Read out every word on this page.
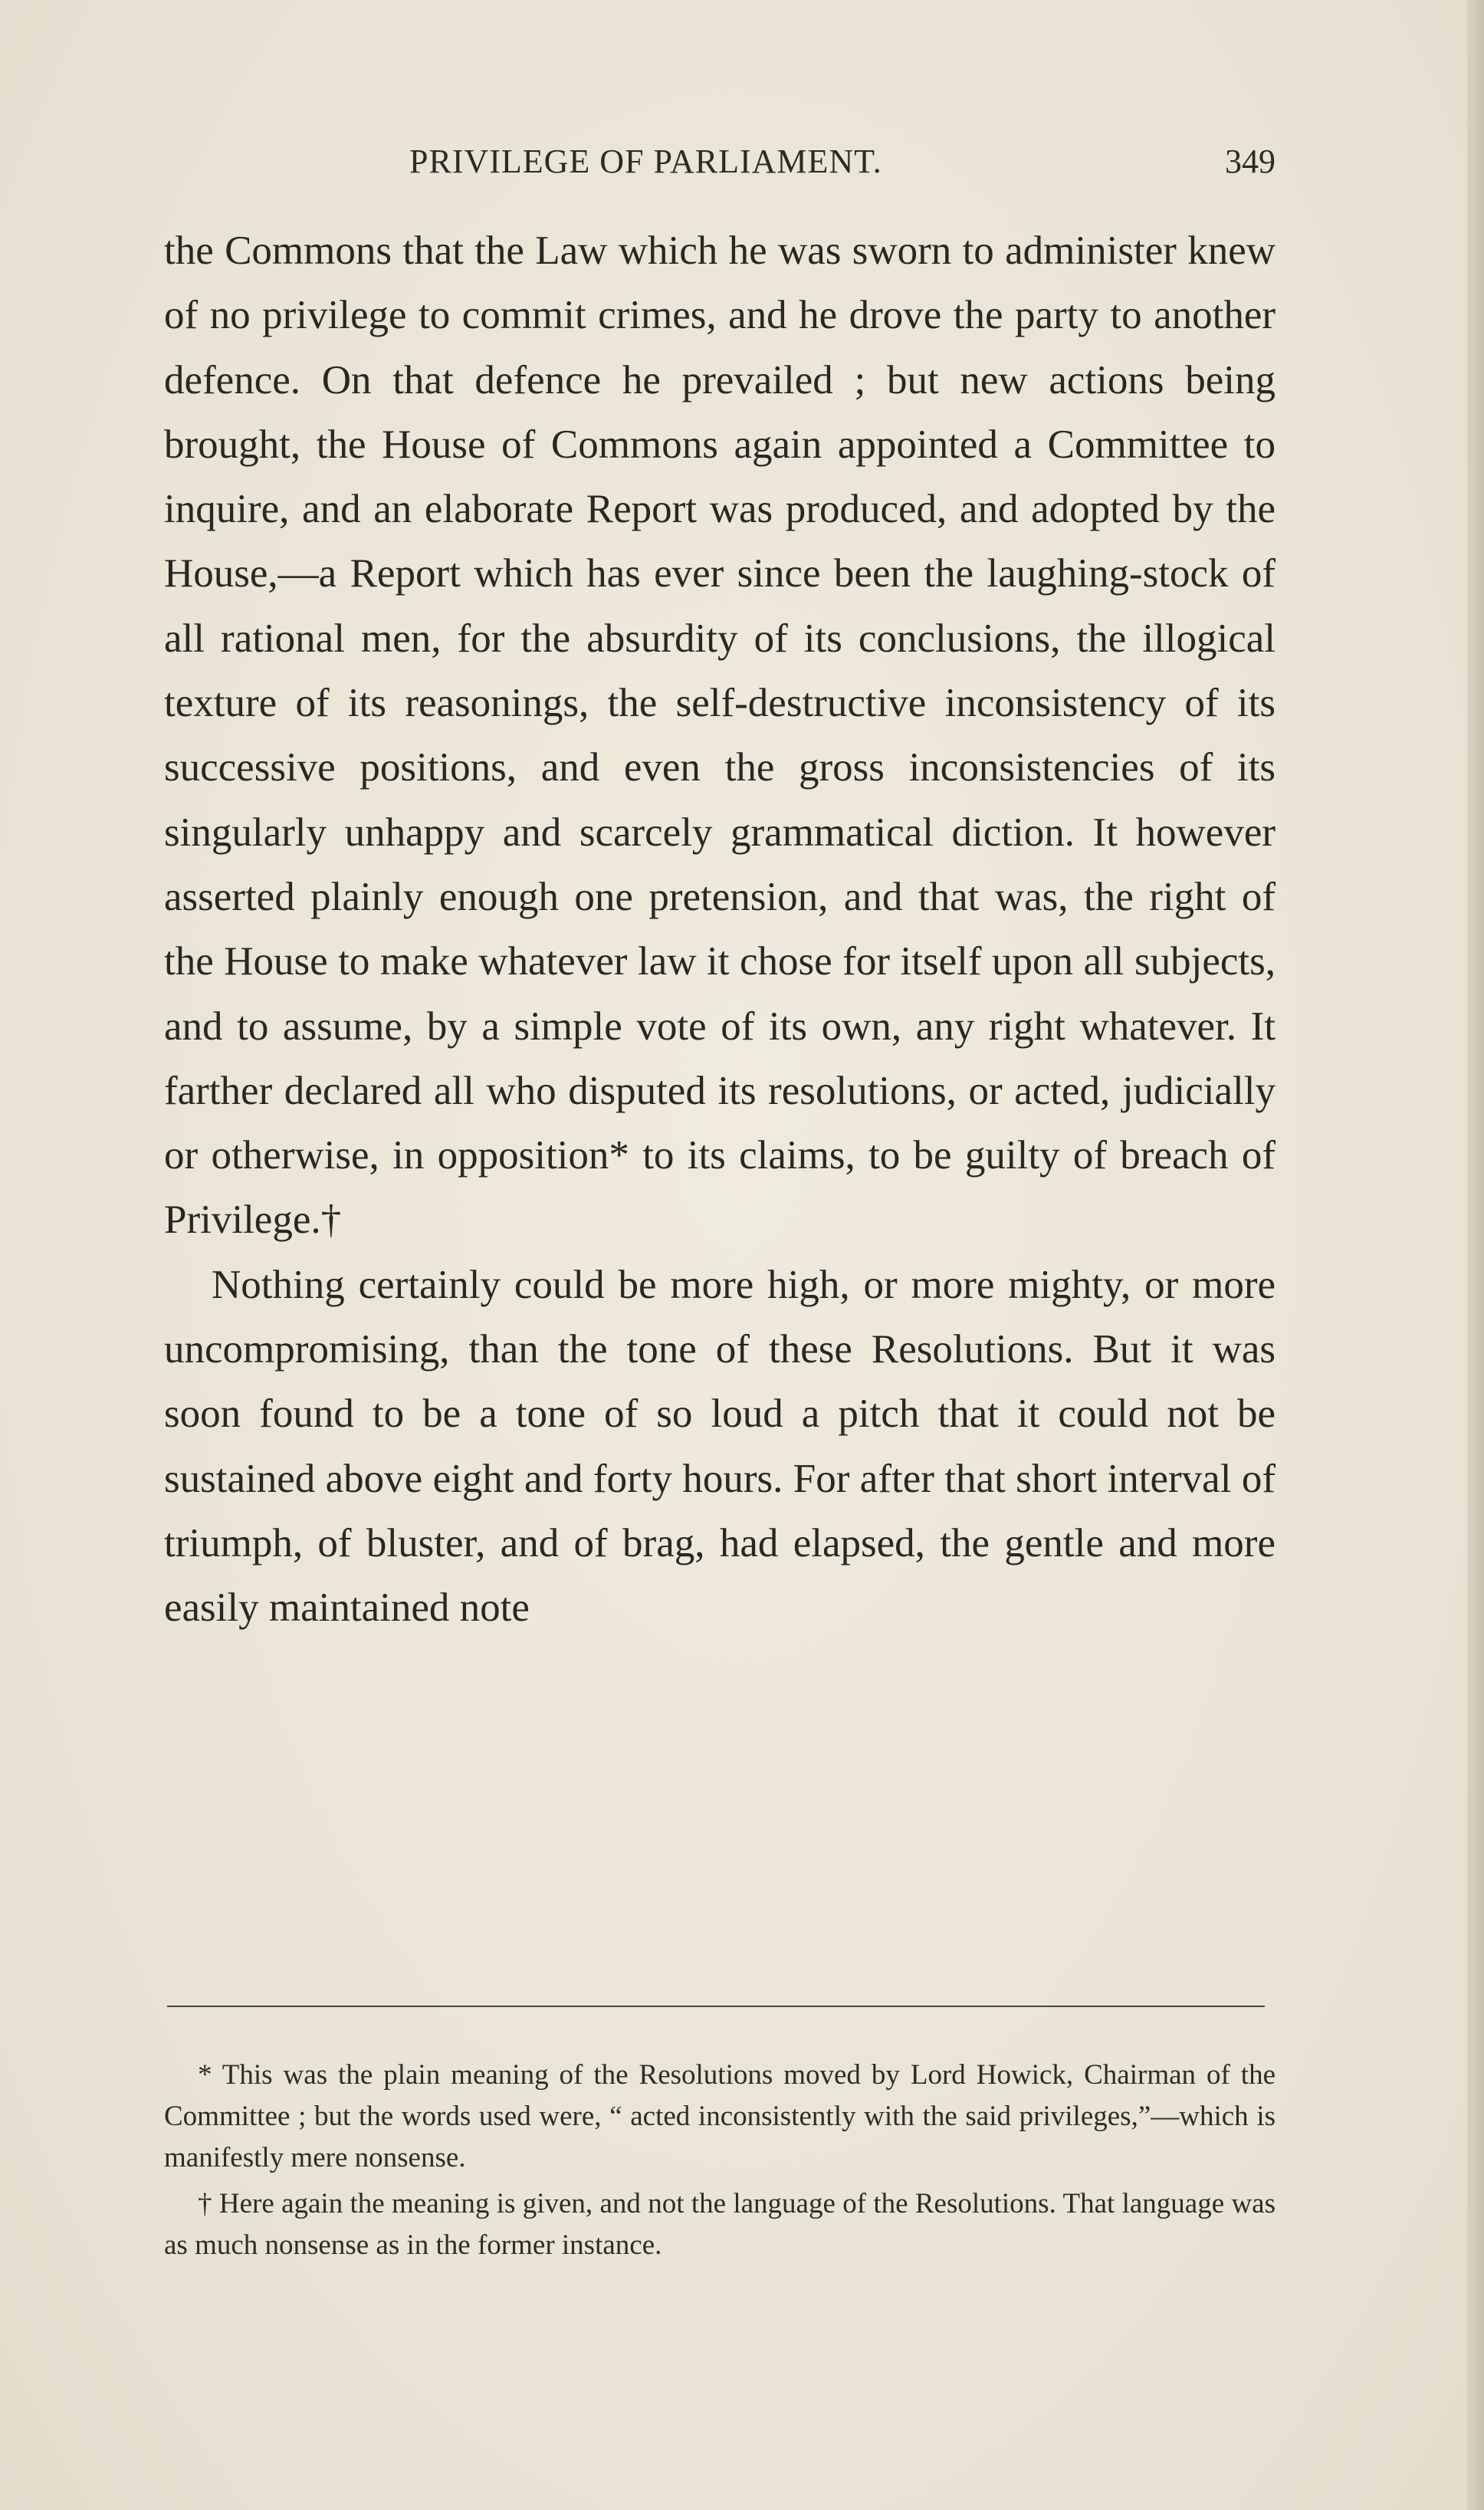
PRIVILEGE OF PARLIAMENT.	349

the Commons that the Law which he was sworn to administer knew of no privilege to commit crimes, and he drove the party to another defence. On that defence he prevailed ; but new actions being brought, the House of Commons again appointed a Committee to inquire, and an elaborate Report was produced, and adopted by the House,—a Report which has ever since been the laughing-stock of all rational men, for the absurdity of its conclusions, the illogical texture of its reasonings, the self-destructive inconsistency of its successive positions, and even the gross inconsistencies of its singularly unhappy and scarcely grammatical diction. It however asserted plainly enough one pretension, and that was, the right of the House to make whatever law it chose for itself upon all subjects, and to assume, by a simple vote of its own, any right whatever. It farther declared all who disputed its resolutions, or acted, judicially or otherwise, in opposition* to its claims, to be guilty of breach of Privilege.†

Nothing certainly could be more high, or more mighty, or more uncompromising, than the tone of these Resolutions. But it was soon found to be a tone of so loud a pitch that it could not be sustained above eight and forty hours. For after that short interval of triumph, of bluster, and of brag, had elapsed, the gentle and more easily maintained note

* This was the plain meaning of the Resolutions moved by Lord Howick, Chairman of the Committee ; but the words used were, “ acted inconsistently with the said privileges,”—which is manifestly mere nonsense.

† Here again the meaning is given, and not the language of the Resolutions. That language was as much nonsense as in the former instance.
